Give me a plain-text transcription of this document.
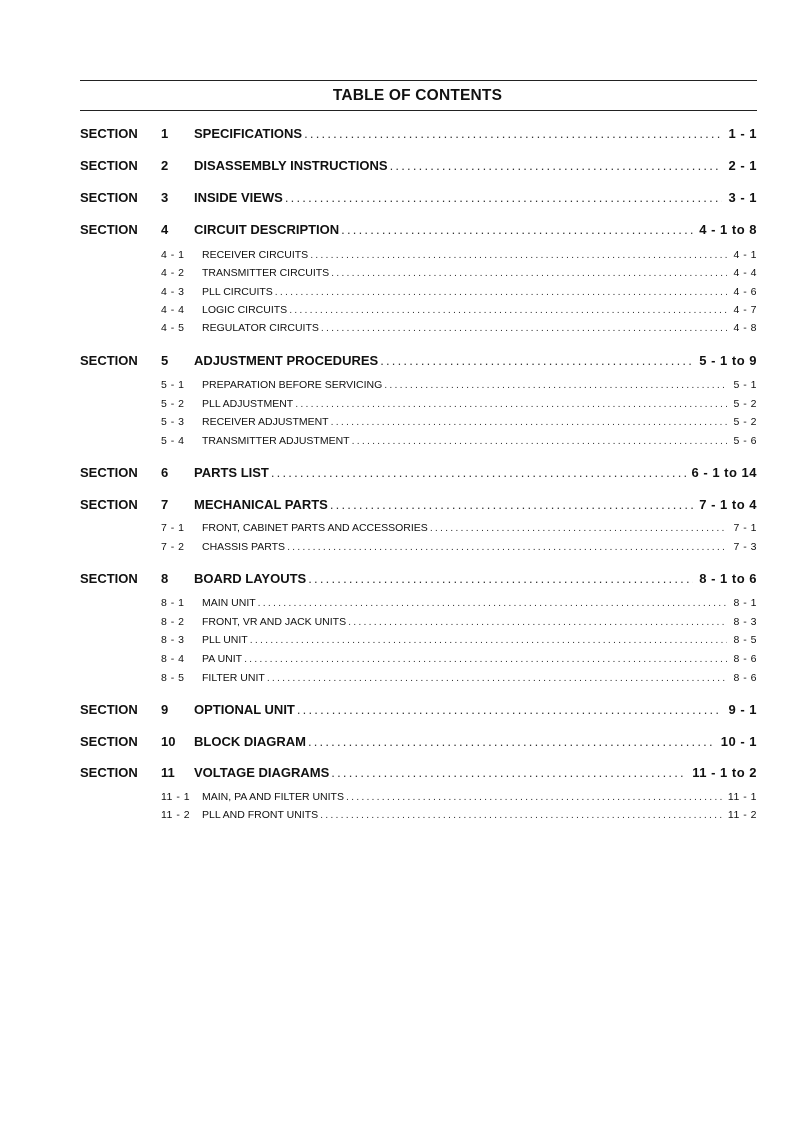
TABLE OF CONTENTS
SECTION 1 SPECIFICATIONS .....	1 - 1
SECTION 2 DISASSEMBLY INSTRUCTIONS .....	2 - 1
SECTION 3 INSIDE VIEWS .....	3 - 1
SECTION 4 CIRCUIT DESCRIPTION .....	4 - 1 to 8
4 - 1 RECEIVER CIRCUITS .....	4 - 1
4 - 2 TRANSMITTER CIRCUITS .....	4 - 4
4 - 3 PLL CIRCUITS .....	4 - 6
4 - 4 LOGIC CIRCUITS .....	4 - 7
4 - 5 REGULATOR CIRCUITS .....	4 - 8
SECTION 5 ADJUSTMENT PROCEDURES .....	5 - 1 to 9
5 - 1 PREPARATION BEFORE SERVICING .....	5 - 1
5 - 2 PLL ADJUSTMENT .....	5 - 2
5 - 3 RECEIVER ADJUSTMENT .....	5 - 2
5 - 4 TRANSMITTER ADJUSTMENT .....	5 - 6
SECTION 6 PARTS LIST .....	6 - 1 to 14
SECTION 7 MECHANICAL PARTS .....	7 - 1 to 4
7 - 1 FRONT, CABINET PARTS AND ACCESSORIES .....	7 - 1
7 - 2 CHASSIS PARTS .....	7 - 3
SECTION 8 BOARD LAYOUTS .....	8 - 1 to 6
8 - 1 MAIN UNIT .....	8 - 1
8 - 2 FRONT, VR AND JACK UNITS .....	8 - 3
8 - 3 PLL UNIT .....	8 - 5
8 - 4 PA UNIT .....	8 - 6
8 - 5 FILTER UNIT .....	8 - 6
SECTION 9 OPTIONAL UNIT .....	9 - 1
SECTION 10 BLOCK DIAGRAM .....	10 - 1
SECTION 11 VOLTAGE DIAGRAMS .....	11 - 1 to 2
11 - 1 MAIN, PA AND FILTER UNITS .....	11 - 1
11 - 2 PLL AND FRONT UNITS .....	11 - 2
